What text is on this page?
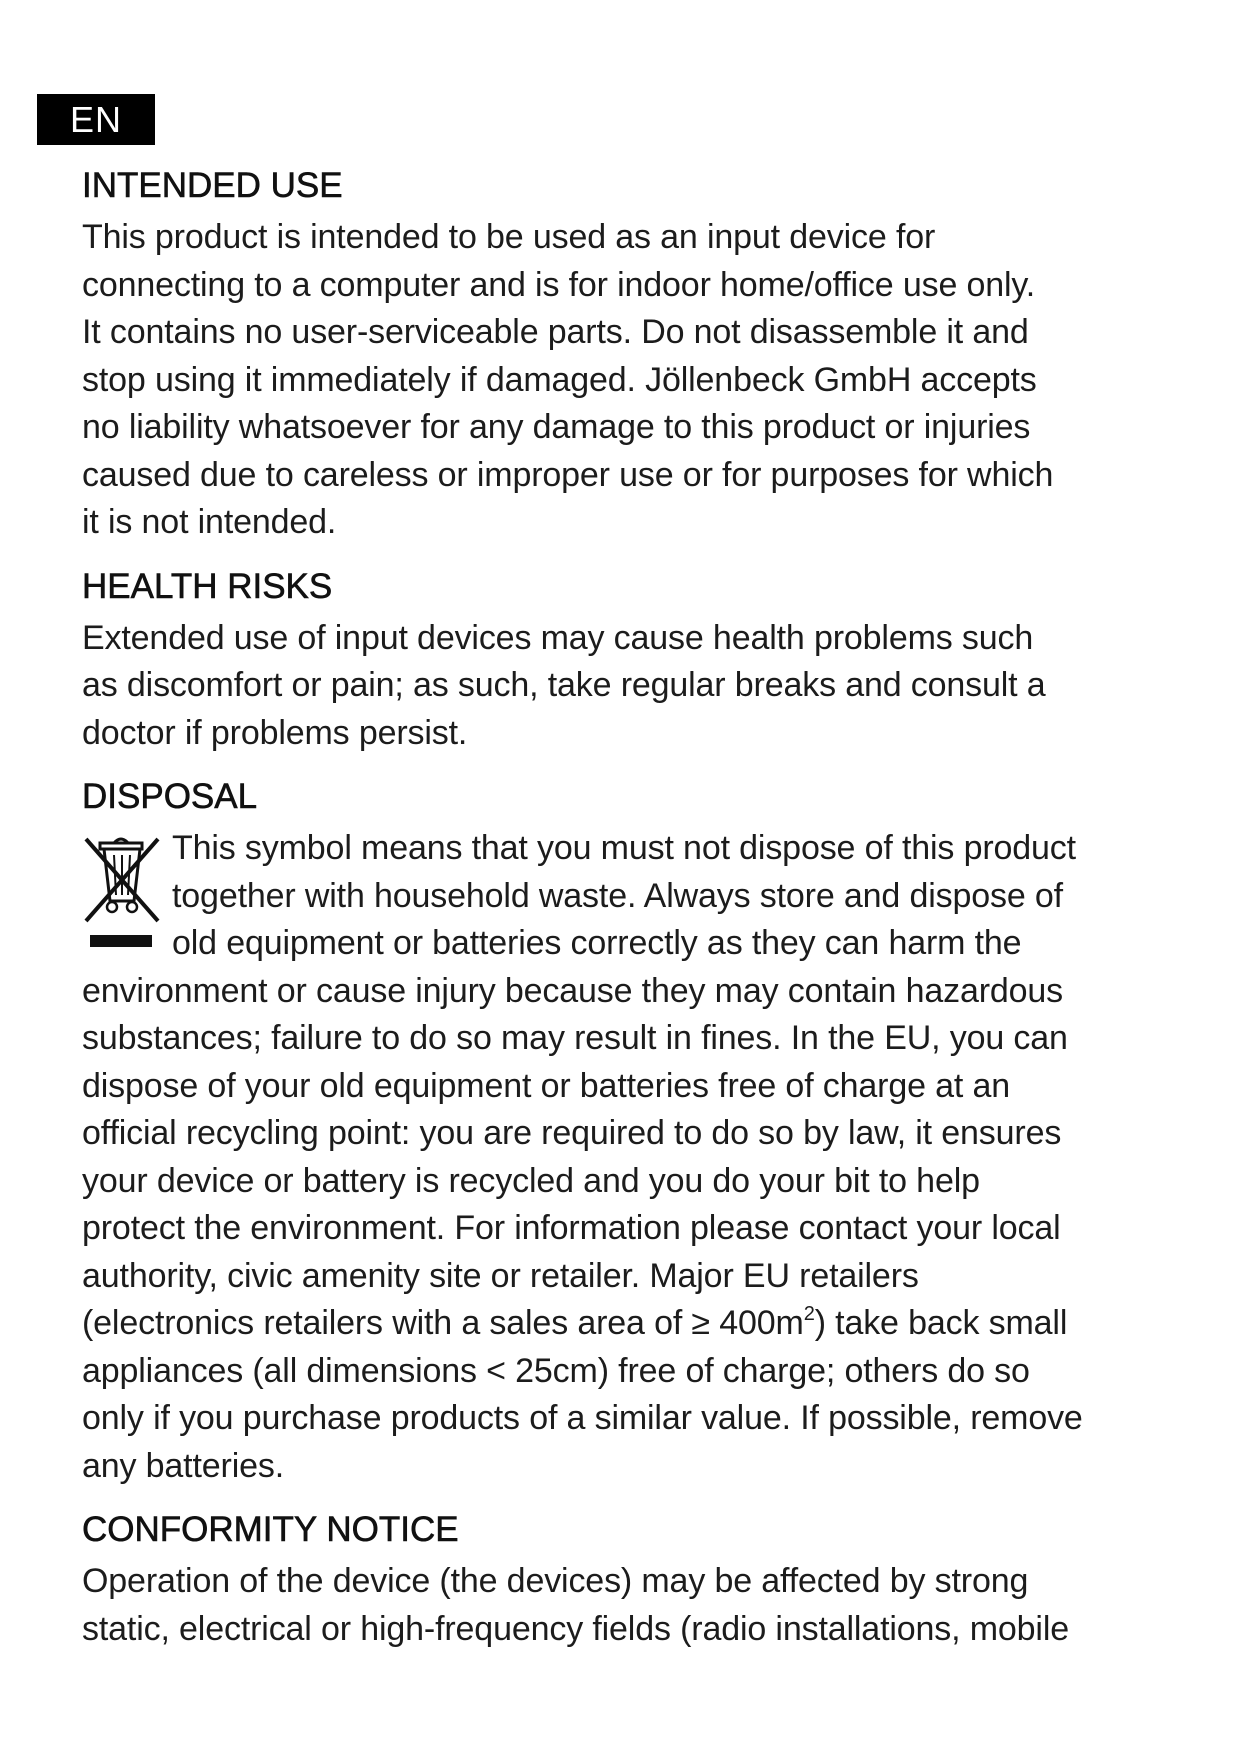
EN
INTENDED USE

This product is intended to be used as an input device for
connecting to a computer and is for indoor home/office use only.
It contains no user-serviceable parts. Do not disassemble it and
stop using it immediately if damaged. Jöllenbeck GmbH accepts
no liability whatsoever for any damage to this product or injuries
caused due to careless or improper use or for purposes for which
it is not intended.

HEALTH RISKS

Extended use of input devices may cause health problems such
as discomfort or pain; as such, take regular breaks and consult a
doctor if problems persist.

DISPOSAL

This symbol means that you must not dispose of this product
together with household waste. Always store and dispose of
old equipment or batteries correctly as they can harm the

environment or cause injury because they may contain hazardous
substances; failure to do so may result in fines. In the EU, you can
dispose of your old equipment or batteries free of charge at an
official recycling point: you are required to do so by law, it ensures
your device or battery is recycled and you do your bit to help
protect the environment. For information please contact your local
authority, civic amenity site or retailer. Major EU retailers
(electronics retailers with a sales area of ≥ $400m^2$) take back small
appliances (all dimensions < 25cm) free of charge; others do so
only if you purchase products of a similar value. If possible, remove
any batteries.

CONFORMITY NOTICE

Operation of the device (the devices) may be affected by strong
static, electrical or high-frequency fields (radio installations, mobile
